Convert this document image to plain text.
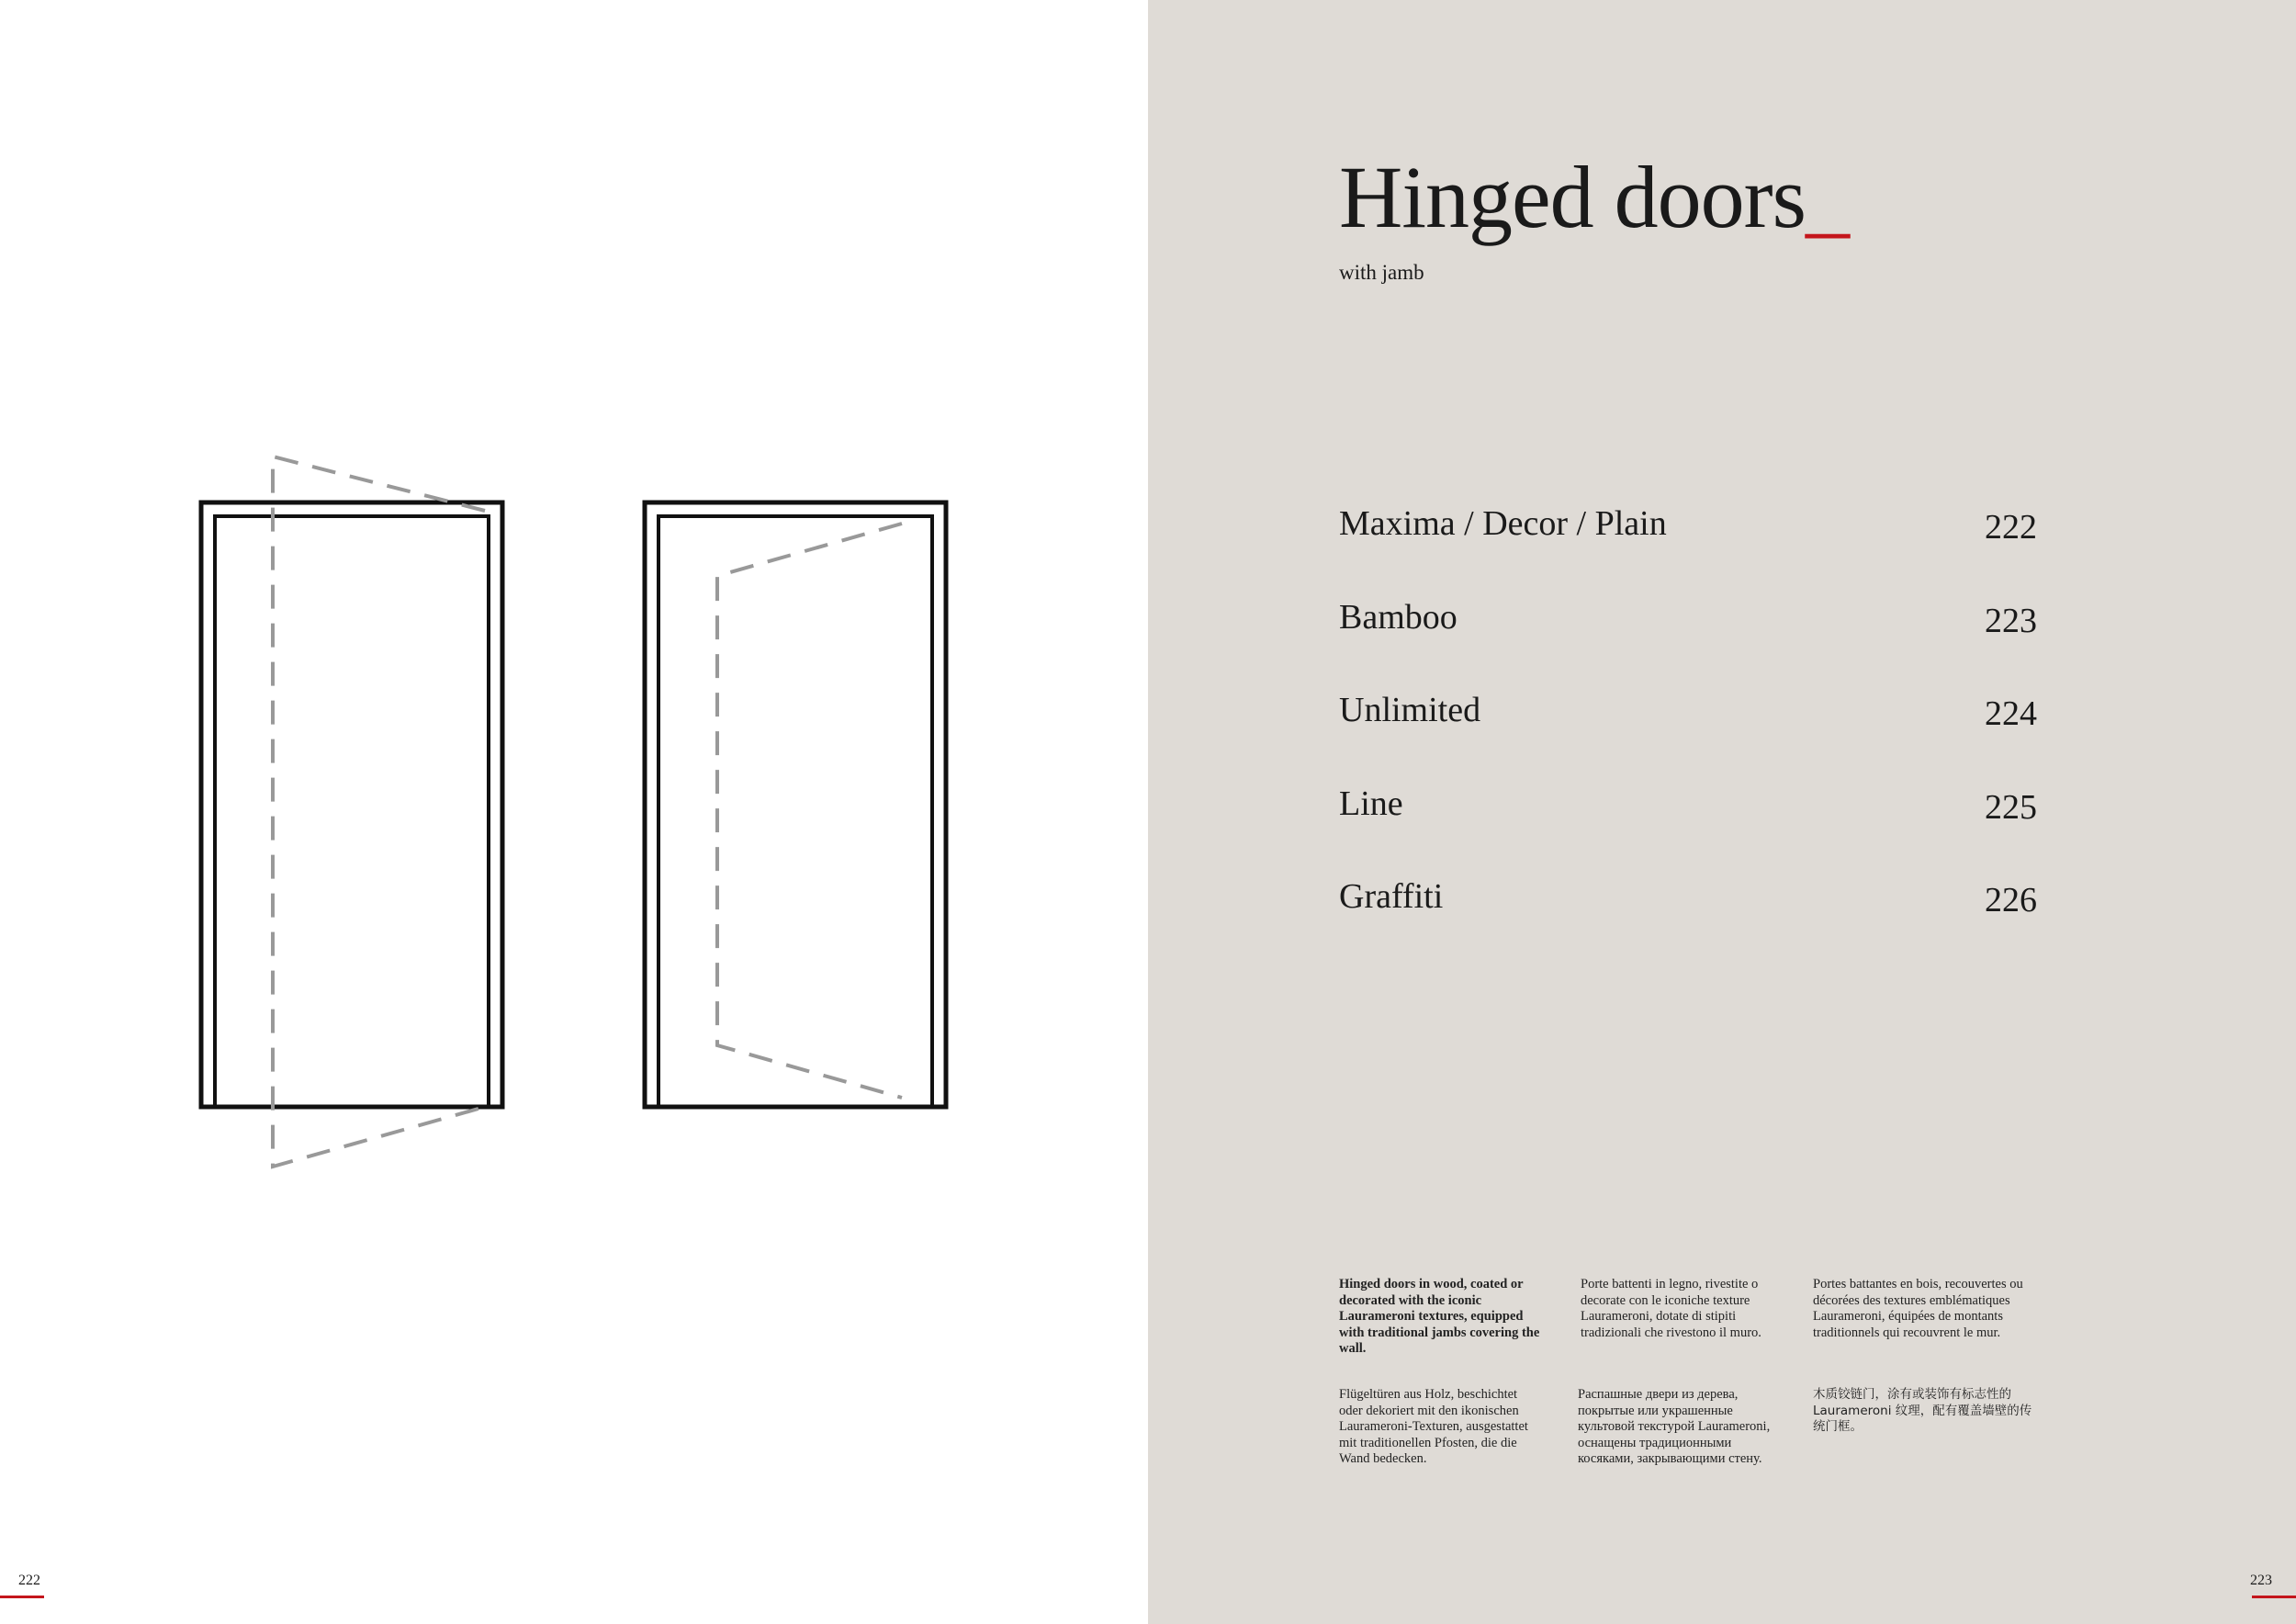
222
Hinged doors_
with jamb
Maxima / Decor / Plain	222
Bamboo	223
Unlimited	224
Line	225
Graffiti	226
Hinged doors in wood, coated or decorated with the iconic Laurameroni textures, equipped with traditional jambs covering the wall.
Porte battenti in legno, rivestite o decorate con le iconiche texture Laurameroni, dotate di stipiti tradizionali che rivestono il muro.
Portes battantes en bois, recouvertes ou décorées des textures emblématiques Laurameroni, équipées de montants traditionnels qui recouvrent le mur.
Flügeltüren aus Holz, beschichtet oder dekoriert mit den ikonischen Laurameroni-Texturen, ausgestattet mit traditionellen Pfosten, die die Wand bedecken.
Распашные двери из дерева, покрытые или украшенные культовой текстурой Laurameroni, оснащены традиционными косяками, закрывающими стену.
木质铰链门，涂有或装饰有标志性的 Laurameroni 纹理，配有覆盖墙壁的传统门框。
223
